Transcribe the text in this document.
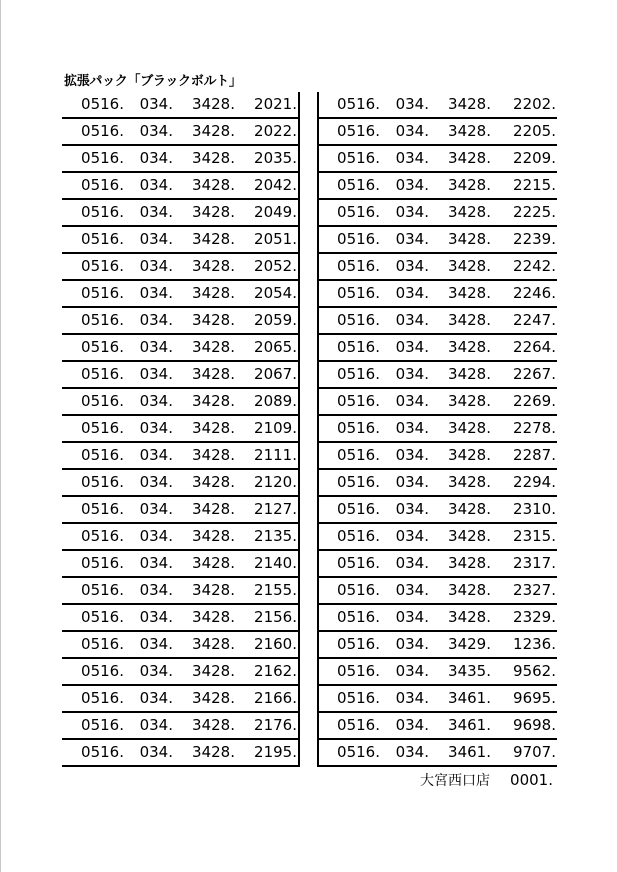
拡張パック「ブラックボルト」
0516.	034.	3428.	2021.
0516.	034.	3428.	2022.
0516.	034.	3428.	2035.
0516.	034.	3428.	2042.
0516.	034.	3428.	2049.
0516.	034.	3428.	2051.
0516.	034.	3428.	2052.
0516.	034.	3428.	2054.
0516.	034.	3428.	2059.
0516.	034.	3428.	2065.
0516.	034.	3428.	2067.
0516.	034.	3428.	2089.
0516.	034.	3428.	2109.
0516.	034.	3428.	2111.
0516.	034.	3428.	2120.
0516.	034.	3428.	2127.
0516.	034.	3428.	2135.
0516.	034.	3428.	2140.
0516.	034.	3428.	2155.
0516.	034.	3428.	2156.
0516.	034.	3428.	2160.
0516.	034.	3428.	2162.
0516.	034.	3428.	2166.
0516.	034.	3428.	2176.
0516.	034.	3428.	2195.
0516.	034.	3428.	2202.
0516.	034.	3428.	2205.
0516.	034.	3428.	2209.
0516.	034.	3428.	2215.
0516.	034.	3428.	2225.
0516.	034.	3428.	2239.
0516.	034.	3428.	2242.
0516.	034.	3428.	2246.
0516.	034.	3428.	2247.
0516.	034.	3428.	2264.
0516.	034.	3428.	2267.
0516.	034.	3428.	2269.
0516.	034.	3428.	2278.
0516.	034.	3428.	2287.
0516.	034.	3428.	2294.
0516.	034.	3428.	2310.
0516.	034.	3428.	2315.
0516.	034.	3428.	2317.
0516.	034.	3428.	2327.
0516.	034.	3428.	2329.
0516.	034.	3429.	1236.
0516.	034.	3435.	9562.
0516.	034.	3461.	9695.
0516.	034.	3461.	9698.
0516.	034.	3461.	9707.
大宮西口店 0001.
